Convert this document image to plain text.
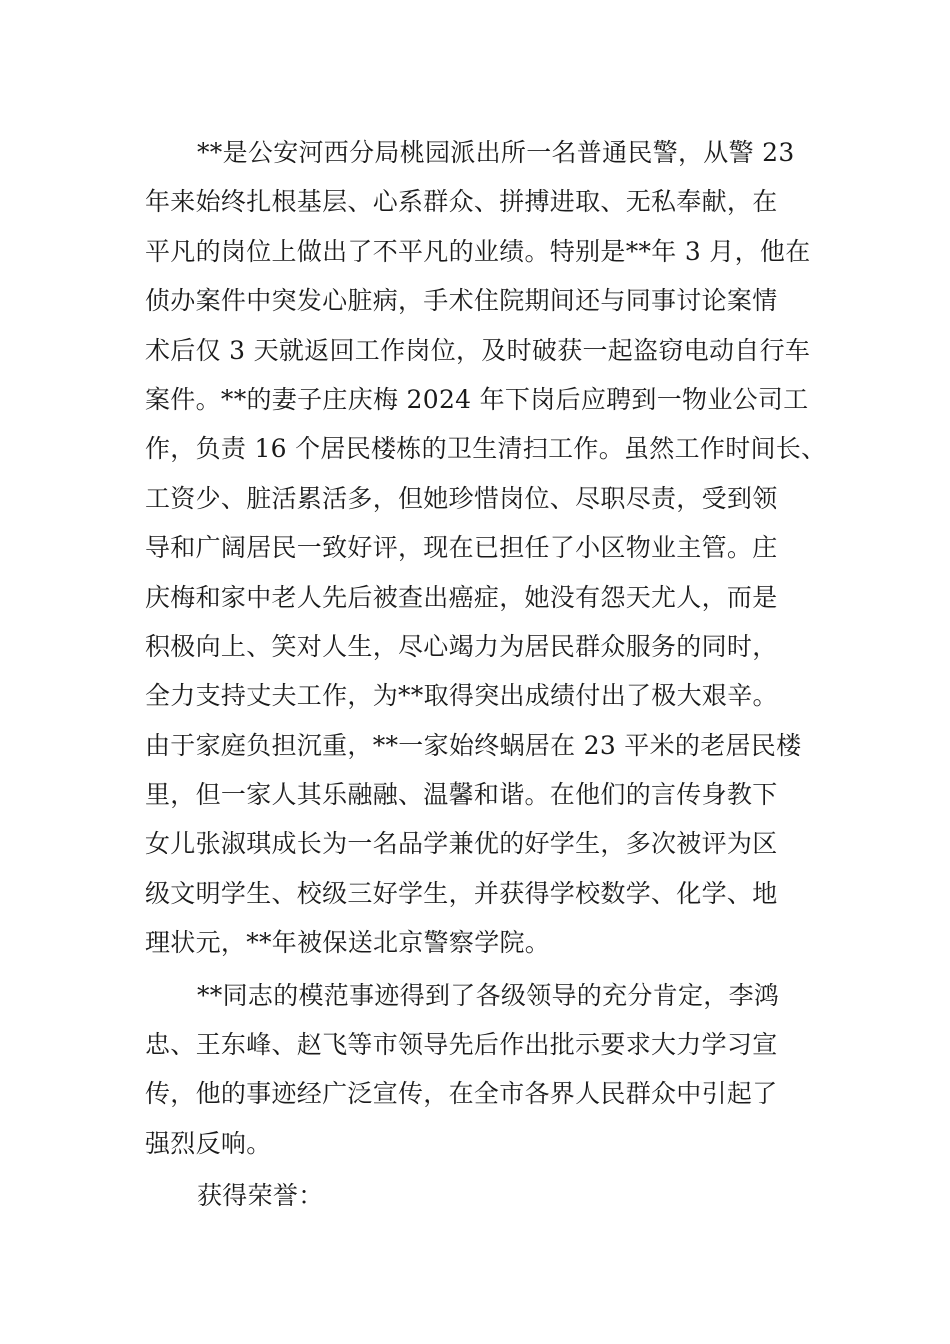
**是公安河西分局桃园派出所一名普通民警，从警 23
年来始终扎根基层、心系群众、拼搏进取、无私奉献，在
平凡的岗位上做出了不平凡的业绩。特别是**年 3 月，他在
侦办案件中突发心脏病，手术住院期间还与同事讨论案情
术后仅 3 天就返回工作岗位，及时破获一起盗窃电动自行车
案件。**的妻子庄庆梅 2024 年下岗后应聘到一物业公司工
作，负责 16 个居民楼栋的卫生清扫工作。虽然工作时间长、
工资少、脏活累活多，但她珍惜岗位、尽职尽责，受到领
导和广阔居民一致好评，现在已担任了小区物业主管。庄
庆梅和家中老人先后被查出癌症，她没有怨天尤人，而是
积极向上、笑对人生，尽心竭力为居民群众服务的同时，
全力支持丈夫工作，为**取得突出成绩付出了极大艰辛。
由于家庭负担沉重，**一家始终蜗居在 23 平米的老居民楼
里，但一家人其乐融融、温馨和谐。在他们的言传身教下
女儿张淑琪成长为一名品学兼优的好学生，多次被评为区
级文明学生、校级三好学生，并获得学校数学、化学、地
理状元，**年被保送北京警察学院。
**同志的模范事迹得到了各级领导的充分肯定，李鸿
忠、王东峰、赵飞等市领导先后作出批示要求大力学习宣
传，他的事迹经广泛宣传，在全市各界人民群众中引起了
强烈反响。
获得荣誉：
